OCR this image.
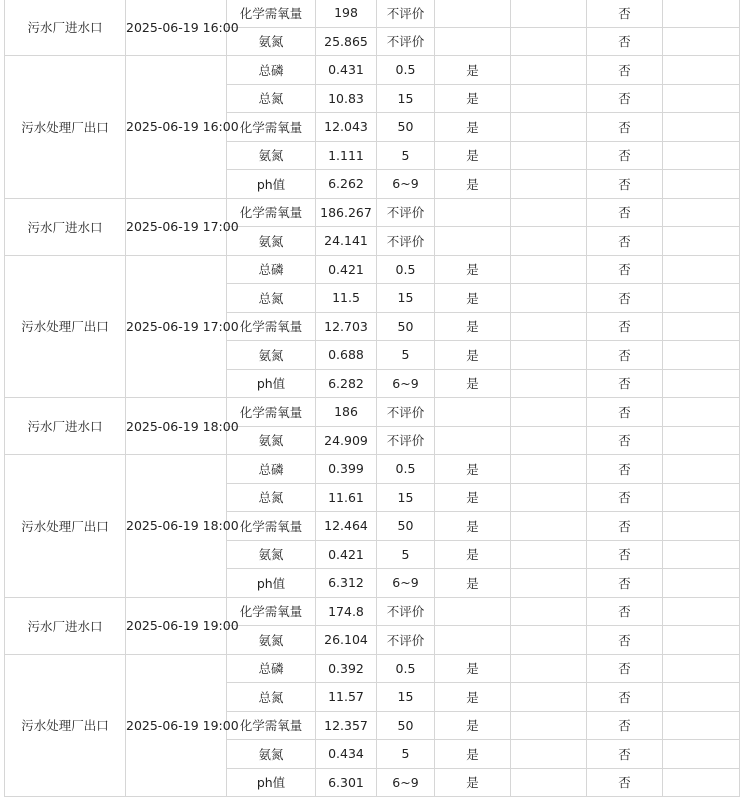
污水厂进水口	2025-06-19 16:00	化学需氧量	198	不评价			否	
		氨氮	25.865	不评价			否	
污水处理厂出口	2025-06-19 16:00	总磷	0.431	0.5	是		否	
		总氮	10.83	15	是		否	
		化学需氧量	12.043	50	是		否	
		氨氮	1.111	5	是		否	
		ph值	6.262	6~9	是		否	
污水厂进水口	2025-06-19 17:00	化学需氧量	186.267	不评价			否	
		氨氮	24.141	不评价			否	
污水处理厂出口	2025-06-19 17:00	总磷	0.421	0.5	是		否	
		总氮	11.5	15	是		否	
		化学需氧量	12.703	50	是		否	
		氨氮	0.688	5	是		否	
		ph值	6.282	6~9	是		否	
污水厂进水口	2025-06-19 18:00	化学需氧量	186	不评价			否	
		氨氮	24.909	不评价			否	
污水处理厂出口	2025-06-19 18:00	总磷	0.399	0.5	是		否	
		总氮	11.61	15	是		否	
		化学需氧量	12.464	50	是		否	
		氨氮	0.421	5	是		否	
		ph值	6.312	6~9	是		否	
污水厂进水口	2025-06-19 19:00	化学需氧量	174.8	不评价			否	
		氨氮	26.104	不评价			否	
污水处理厂出口	2025-06-19 19:00	总磷	0.392	0.5	是		否	
		总氮	11.57	15	是		否	
		化学需氧量	12.357	50	是		否	
		氨氮	0.434	5	是		否	
		ph值	6.301	6~9	是		否	
